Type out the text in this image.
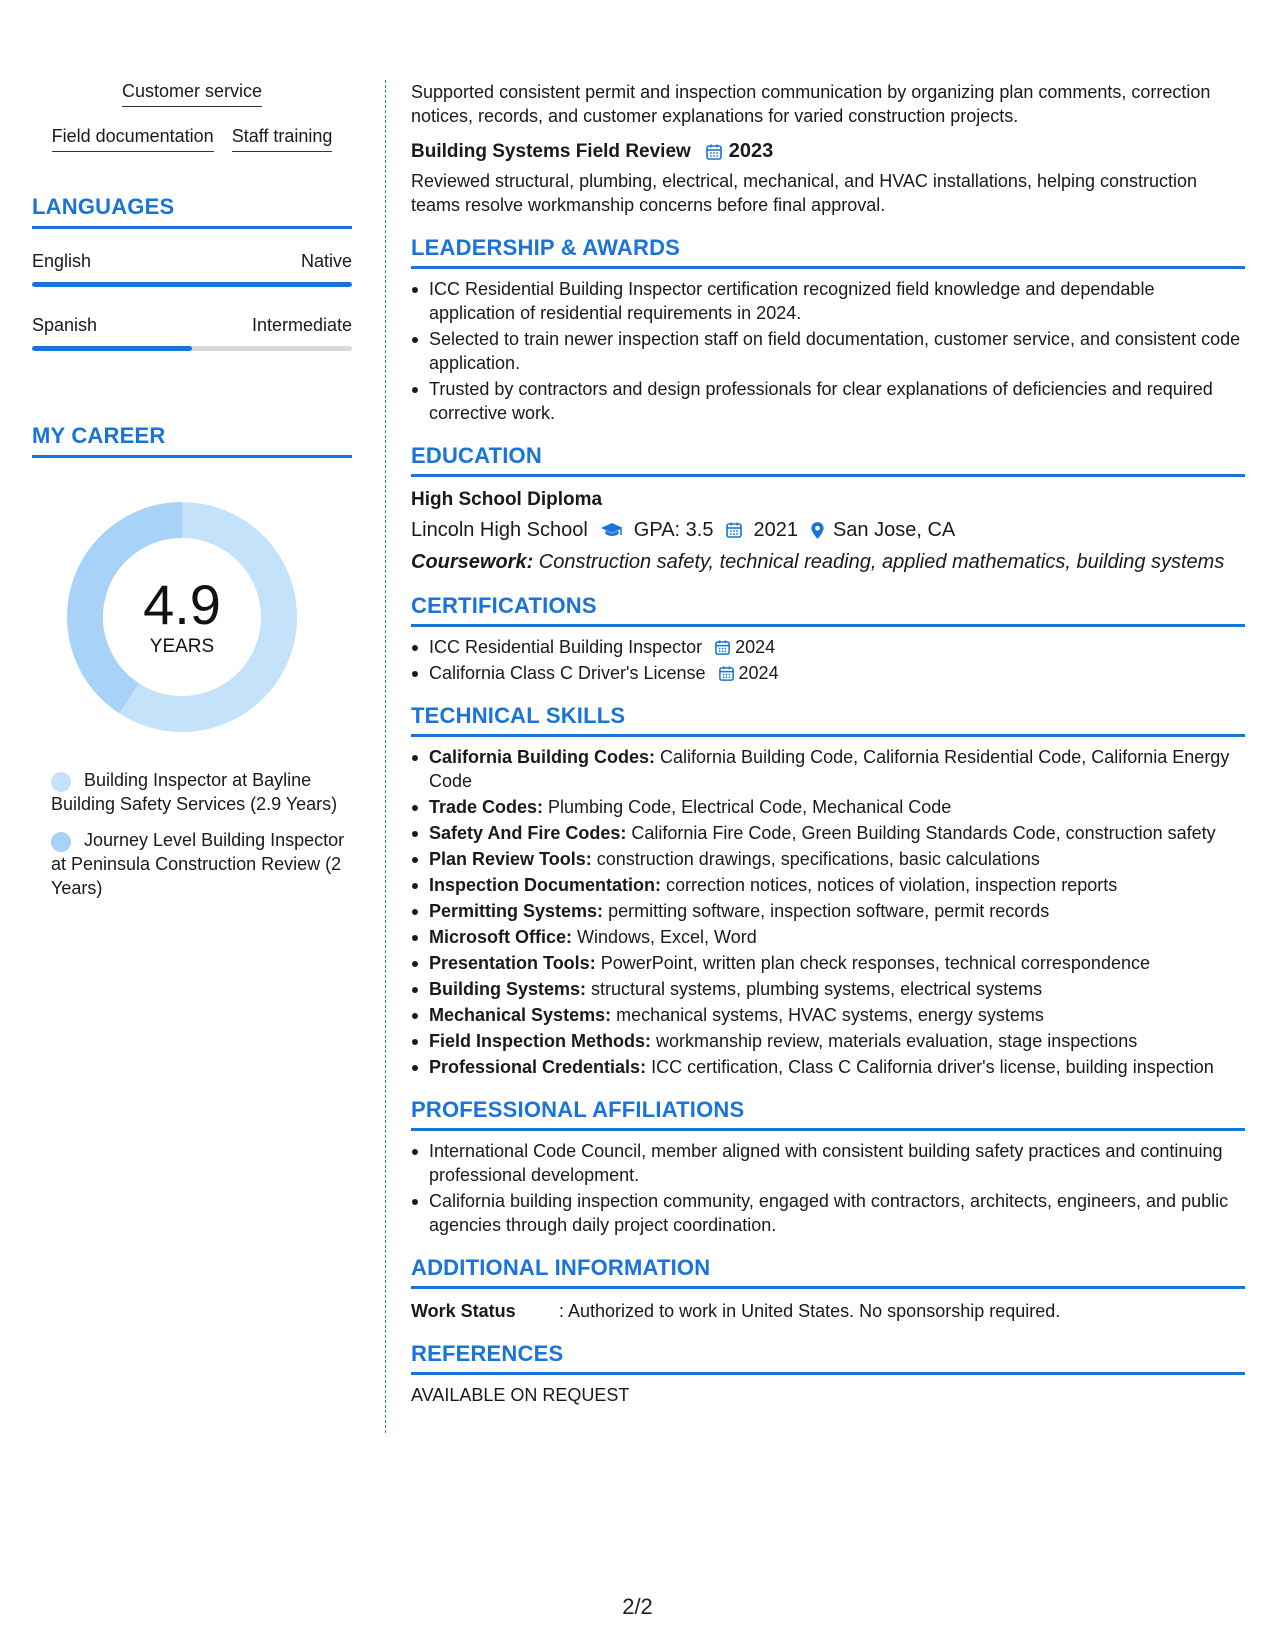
Customer service
Field documentation Staff training
LANGUAGES
English	Native
Spanish	Intermediate
MY CAREER
4.9
YEARS
Building Inspector at Bayline Building Safety Services (2.9 Years)
Journey Level Building Inspector at Peninsula Construction Review (2 Years)
Supported consistent permit and inspection communication by organizing plan comments, correction notices, records, and customer explanations for varied construction projects.
Building Systems Field Review 2023
Reviewed structural, plumbing, electrical, mechanical, and HVAC installations, helping construction teams resolve workmanship concerns before final approval.
LEADERSHIP & AWARDS
ICC Residential Building Inspector certification recognized field knowledge and dependable application of residential requirements in 2024.
Selected to train newer inspection staff on field documentation, customer service, and consistent code application.
Trusted by contractors and design professionals for clear explanations of deficiencies and required corrective work.
EDUCATION
High School Diploma
Lincoln High School GPA: 3.5 2021 San Jose, CA
Coursework: Construction safety, technical reading, applied mathematics, building systems
CERTIFICATIONS
ICC Residential Building Inspector 2024
California Class C Driver's License 2024
TECHNICAL SKILLS
California Building Codes: California Building Code, California Residential Code, California Energy Code
Trade Codes: Plumbing Code, Electrical Code, Mechanical Code
Safety And Fire Codes: California Fire Code, Green Building Standards Code, construction safety
Plan Review Tools: construction drawings, specifications, basic calculations
Inspection Documentation: correction notices, notices of violation, inspection reports
Permitting Systems: permitting software, inspection software, permit records
Microsoft Office: Windows, Excel, Word
Presentation Tools: PowerPoint, written plan check responses, technical correspondence
Building Systems: structural systems, plumbing systems, electrical systems
Mechanical Systems: mechanical systems, HVAC systems, energy systems
Field Inspection Methods: workmanship review, materials evaluation, stage inspections
Professional Credentials: ICC certification, Class C California driver's license, building inspection
PROFESSIONAL AFFILIATIONS
International Code Council, member aligned with consistent building safety practices and continuing professional development.
California building inspection community, engaged with contractors, architects, engineers, and public agencies through daily project coordination.
ADDITIONAL INFORMATION
Work Status	: Authorized to work in United States. No sponsorship required.
REFERENCES
AVAILABLE ON REQUEST
2/2
